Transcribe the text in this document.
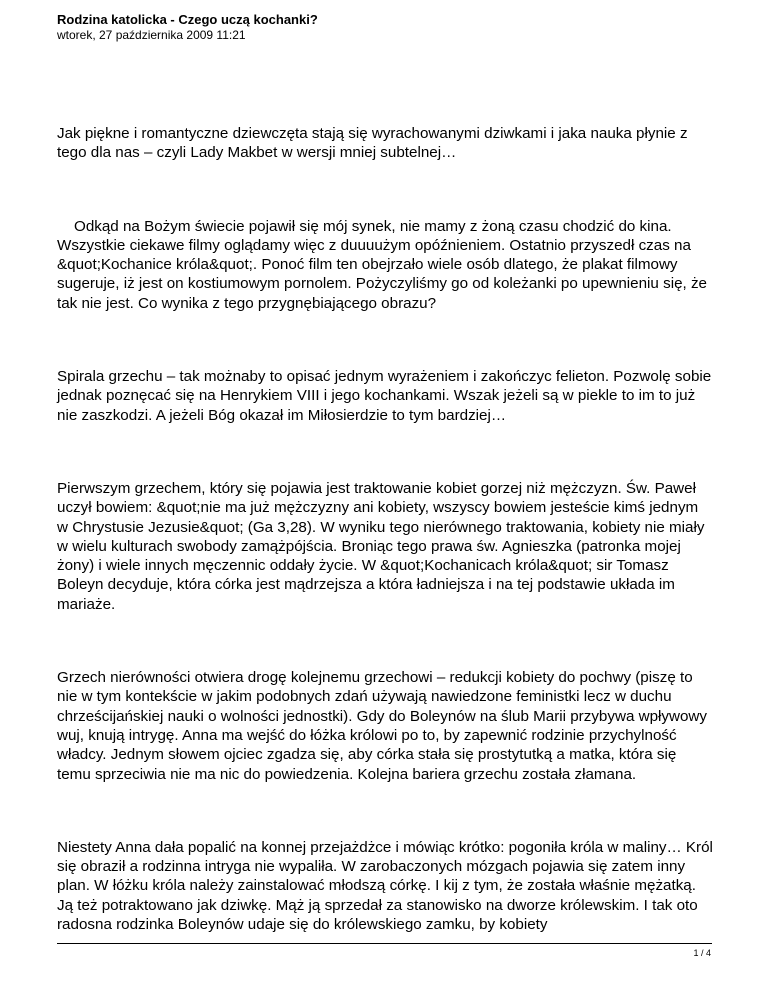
Rodzina katolicka - Czego uczą kochanki?

wtorek, 27 października 2009 11:21

Jak piękne i romantyczne dziewczęta stają się wyrachowanymi dziwkami i jaka nauka płynie z tego dla nas – czyli Lady Makbet w wersji mniej subtelnej…

Odkąd na Bożym świecie pojawił się mój synek, nie mamy z żoną czasu chodzić do kina. Wszystkie ciekawe filmy oglądamy więc z duuuużym opóźnieniem. Ostatnio przyszedł czas na &quot;Kochanice króla&quot;. Ponoć film ten obejrzało wiele osób dlatego, że plakat filmowy sugeruje, iż jest on kostiumowym pornolem. Pożyczyliśmy go od koleżanki po upewnieniu się, że tak nie jest. Co wynika z tego przygnębiającego obrazu?

Spirala grzechu – tak możnaby to opisać jednym wyrażeniem i zakończyc felieton. Pozwolę sobie jednak poznęcać się na Henrykiem VIII i jego kochankami. Wszak jeżeli są w piekle to im to już nie zaszkodzi. A jeżeli Bóg okazał im Miłosierdzie to tym bardziej…

Pierwszym grzechem, który się pojawia jest traktowanie kobiet gorzej niż mężczyzn. Św. Paweł uczył bowiem: &quot;nie ma już mężczyzny ani kobiety, wszyscy bowiem jesteście kimś jednym w Chrystusie Jezusie&quot; (Ga 3,28). W wyniku tego nierównego traktowania, kobiety nie miały w wielu kulturach swobody zamążpójścia. Broniąc tego prawa św. Agnieszka (patronka mojej żony) i wiele innych męczennic oddały życie. W &quot;Kochanicach króla&quot; sir Tomasz Boleyn decyduje, która córka jest mądrzejsza a która ładniejsza i na tej podstawie układa im mariaże.

Grzech nierówności otwiera drogę kolejnemu grzechowi – redukcji kobiety do pochwy (piszę to nie w tym kontekście w jakim podobnych zdań używają nawiedzone feministki lecz w duchu chrześcijańskiej nauki o wolności jednostki). Gdy do Boleynów na ślub Marii przybywa wpływowy wuj, knują intrygę. Anna ma wejść do łóżka królowi po to, by zapewnić rodzinie przychylność władcy. Jednym słowem ojciec zgadza się, aby córka stała się prostytutką a matka, która się temu sprzeciwia nie ma nic do powiedzenia. Kolejna bariera grzechu została złamana.

Niestety Anna dała popalić na konnej przejażdżce i mówiąc krótko: pogoniła króla w maliny… Król się obraził a rodzinna intryga nie wypaliła. W zarobaczonych mózgach pojawia się zatem inny plan. W łóżku króla należy zainstalować młodszą córkę. I kij z tym, że została właśnie mężatką. Ją też potraktowano jak dziwkę. Mąż ją sprzedał za stanowisko na dworze królewskim. I tak oto radosna rodzinka Boleynów udaje się do królewskiego zamku, by kobiety

1 / 4
